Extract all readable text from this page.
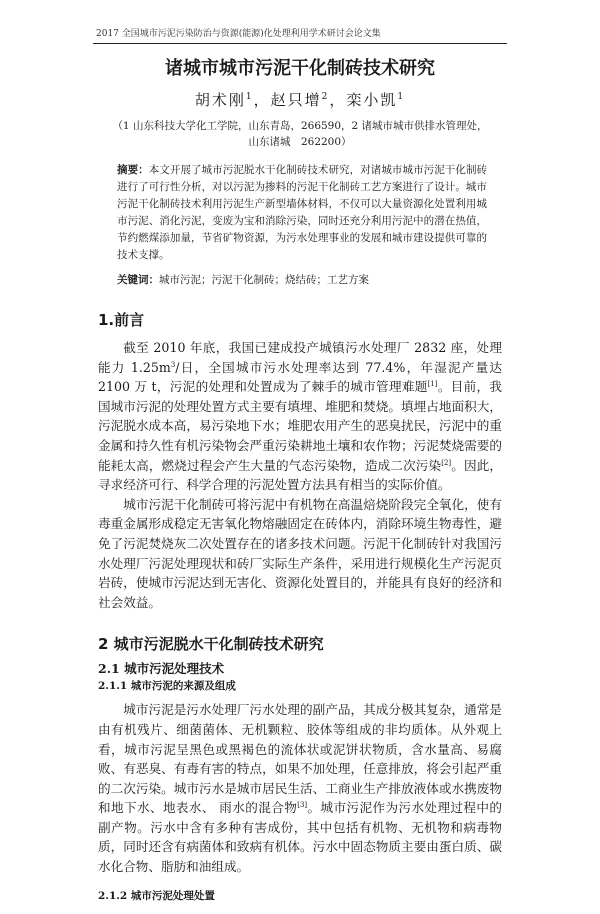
2017 全国城市污泥污染防治与资源(能源)化处理利用学术研讨会论文集
诸城市城市污泥干化制砖技术研究
胡术刚$^1$，赵只增$^2$，栾小凯$^1$
（1 山东科技大学化工学院，山东青岛，266590，2 诸城市城市供排水管理处，山东诸城　262200）
摘要：本文开展了城市污泥脱水干化制砖技术研究，对诸城市城市污泥干化制砖进行了可行性分析，对以污泥为掺料的污泥干化制砖工艺方案进行了设计。城市污泥干化制砖技术利用污泥生产新型墙体材料，不仅可以大量资源化处置利用城市污泥、消化污泥，变废为宝和消除污染，同时还充分利用污泥中的潜在热值，节约燃煤添加量，节省矿物资源，为污水处理事业的发展和城市建设提供可靠的技术支撑。
关键词：城市污泥；污泥干化制砖；烧结砖；工艺方案
1.前言

截至 2010 年底，我国已建成投产城镇污水处理厂 2832 座，处理能力 $1.25m^3/$日，全国城市污水处理率达到 77.4%，年湿泥产量达 2100 万 t，污泥的处理和处置成为了棘手的城市管理难题[1]。目前，我国城市污泥的处理处置方式主要有填埋、堆肥和焚烧。填埋占地面积大，污泥脱水成本高，易污染地下水；堆肥农用产生的恶臭扰民，污泥中的重金属和持久性有机污染物会严重污染耕地土壤和农作物；污泥焚烧需要的能耗太高，燃烧过程会产生大量的气态污染物，造成二次污染[2]。因此，寻求经济可行、科学合理的污泥处置方法具有相当的实际价值。

城市污泥干化制砖可将污泥中有机物在高温焙烧阶段完全氧化，使有毒重金属形成稳定无害氧化物熔融固定在砖体内，消除环境生物毒性，避免了污泥焚烧灰二次处置存在的诸多技术问题。污泥干化制砖针对我国污水处理厂污泥处理现状和砖厂实际生产条件，采用进行规模化生产污泥页岩砖，使城市污泥达到无害化、资源化处置目的，并能具有良好的经济和社会效益。

2 城市污泥脱水干化制砖技术研究
2.1 城市污泥处理技术
2.1.1 城市污泥的来源及组成

城市污泥是污水处理厂污水处理的副产品，其成分极其复杂，通常是由有机残片、细菌菌体、无机颗粒、胶体等组成的非均质体。从外观上看，城市污泥呈黑色或黑褐色的流体状或泥饼状物质，含水量高、易腐败、有恶臭、有毒有害的特点，如果不加处理，任意排放，将会引起严重的二次污染。城市污水是城市居民生活、工商业生产排放液体或水携废物和地下水、地表水、 雨水的混合物[3]。城市污泥作为污水处理过程中的副产物。污水中含有多种有害成份，其中包括有机物、无机物和病毒物质，同时还含有病菌体和致病有机体。污水中固态物质主要由蛋白质、碳水化合物、脂肪和油组成。

2.1.2 城市污泥处理处置
